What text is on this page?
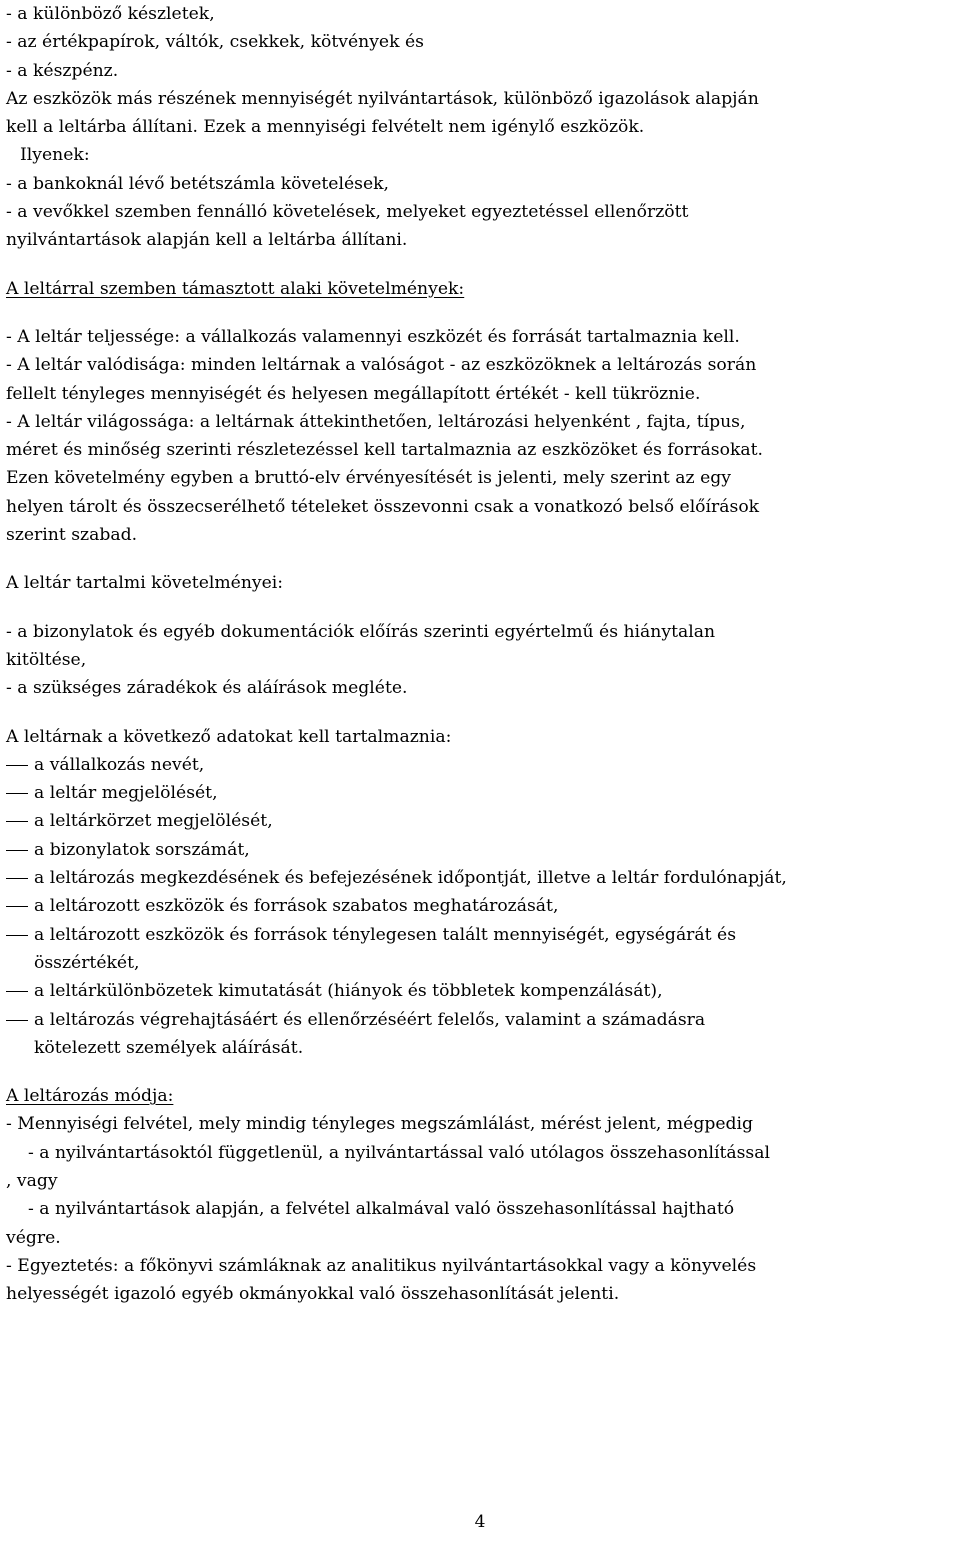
- a különböző készletek,
- az értékpapírok, váltók, csekkek, kötvények és
- a készpénz.
Az eszközök más részének mennyiségét nyilvántartások, különböző igazolások alapján
kell a leltárba állítani. Ezek a mennyiségi felvételt nem igénylő eszközök.
Ilyenek:
- a bankoknál lévő betétszámla követelések,
- a vevőkkel szemben fennálló követelések, melyeket egyeztetéssel ellenőrzött
nyilvántartások alapján kell a leltárba állítani.
A leltárral szemben támasztott alaki követelmények:
- A leltár teljessége: a vállalkozás valamennyi eszközét és forrását tartalmaznia kell.
- A leltár valódisága: minden leltárnak a valóságot - az eszközöknek a leltározás során
fellelt tényleges mennyiségét és helyesen megállapított értékét - kell tükröznie.
- A leltár világossága: a leltárnak áttekinthetően, leltározási helyenként , fajta, típus,
méret és minőség szerinti részletezéssel kell tartalmaznia az eszközöket és forrásokat.
Ezen követelmény egyben a bruttó-elv érvényesítését is jelenti, mely szerint az egy
helyen tárolt és összecserélhető tételeket összevonni csak a vonatkozó belső előírások
szerint szabad.
A leltár tartalmi követelményei:
- a bizonylatok és egyéb dokumentációk előírás szerinti egyértelmű és hiánytalan
kitöltése,
- a szükséges záradékok és aláírások megléte.
A leltárnak a következő adatokat kell tartalmaznia:
a vállalkozás nevét,
a leltár megjelölését,
a leltárkörzet megjelölését,
a bizonylatok sorszámát,
a leltározás megkezdésének és befejezésének időpontját, illetve a leltár fordulónapját,
a leltározott eszközök és források szabatos meghatározását,
a leltározott eszközök és források ténylegesen talált mennyiségét, egységárát és
összértékét,
a leltárkülönbözetek kimutatását (hiányok és többletek kompenzálását),
a leltározás végrehajtásáért és ellenőrzéséért felelős, valamint a számadásra
kötelezett személyek aláírását.
A leltározás módja:
- Mennyiségi felvétel, mely mindig tényleges megszámlálást, mérést jelent, mégpedig
- a nyilvántartásoktól függetlenül, a nyilvántartással való utólagos összehasonlítással
, vagy
- a nyilvántartások alapján, a felvétel alkalmával való összehasonlítással hajtható
végre.
- Egyeztetés: a főkönyvi számláknak az analitikus nyilvántartásokkal vagy a könyvelés
helyességét igazoló egyéb okmányokkal való összehasonlítását jelenti.
4
